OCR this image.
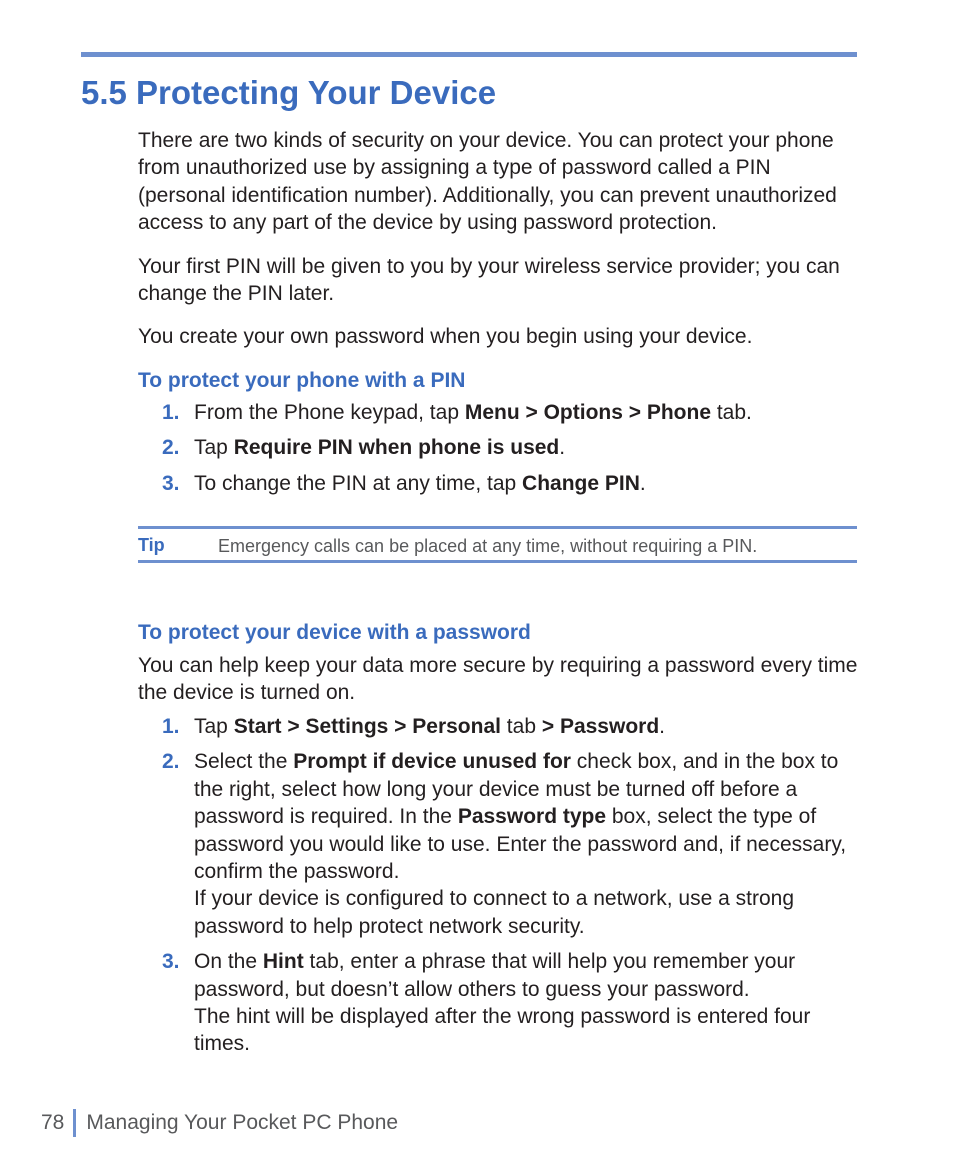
5.5 Protecting Your Device

There are two kinds of security on your device. You can protect your phone from unauthorized use by assigning a type of password called a PIN (personal identification number). Additionally, you can prevent unauthorized access to any part of the device by using password protection.

Your first PIN will be given to you by your wireless service provider; you can change the PIN later.

You create your own password when you begin using your device.

To protect your phone with a PIN
1. From the Phone keypad, tap Menu > Options > Phone tab.
2. Tap Require PIN when phone is used.
3. To change the PIN at any time, tap Change PIN.
Tip	Emergency calls can be placed at any time, without requiring a PIN.
To protect your device with a password

You can help keep your data more secure by requiring a password every time the device is turned on.

1. Tap Start > Settings > Personal tab > Password.
2. Select the Prompt if device unused for check box, and in the box to the right, select how long your device must be turned off before a password is required. In the Password type box, select the type of password you would like to use. Enter the password and, if necessary, confirm the password.
If your device is configured to connect to a network, use a strong password to help protect network security.
3. On the Hint tab, enter a phrase that will help you remember your password, but doesn’t allow others to guess your password.
The hint will be displayed after the wrong password is entered four times.
78 Managing Your Pocket PC Phone
